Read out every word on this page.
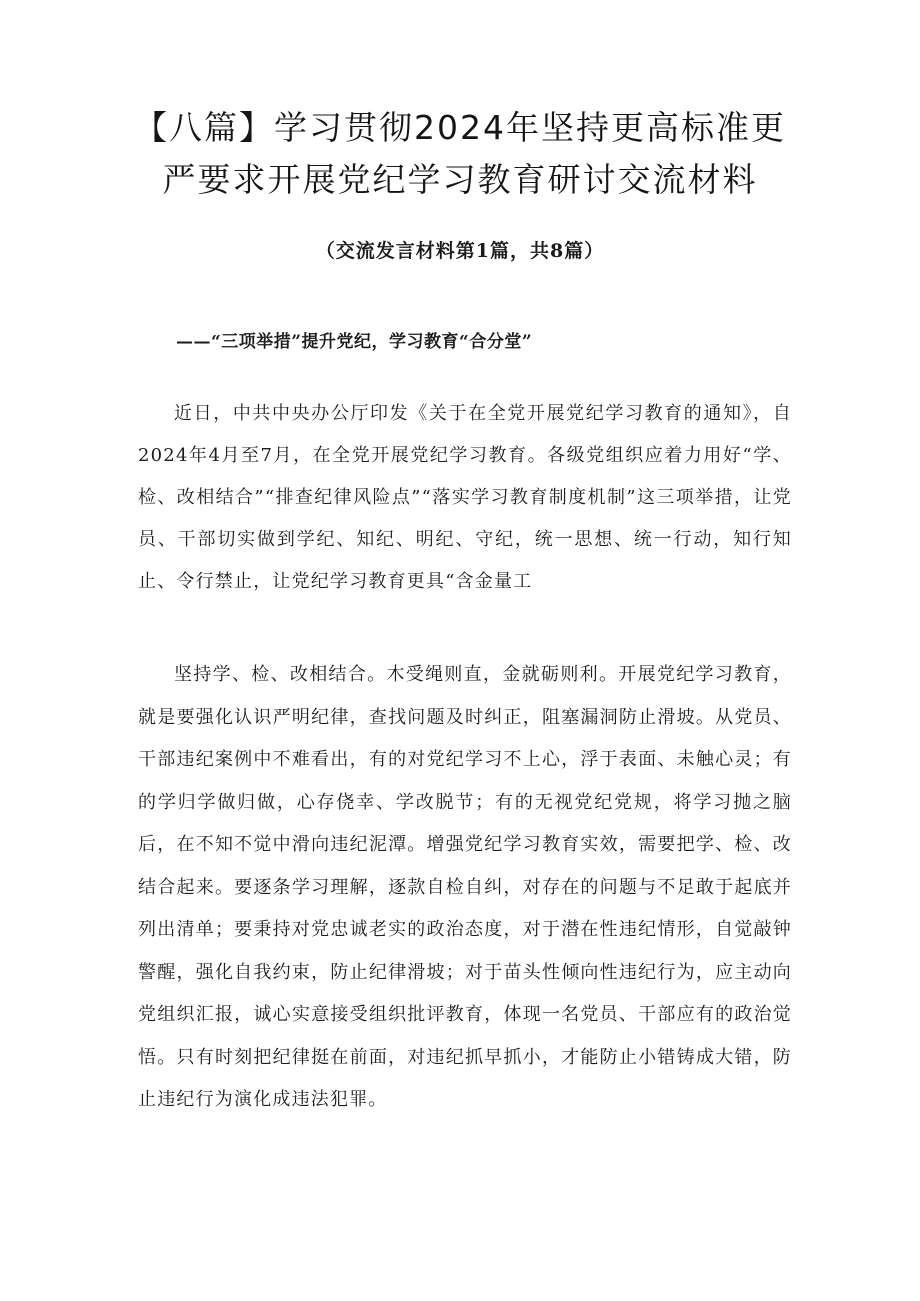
【八篇】学习贯彻2024年坚持更高标准更
严要求开展党纪学习教育研讨交流材料

（交流发言材料第1篇，共8篇）

——“三项举措”提升党纪，学习教育“合分堂”

近日，中共中央办公厅印发《关于在全党开展党纪学习教育的通知》，自2024年4月至7月，在全党开展党纪学习教育。各级党组织应着力用好“学、检、改相结合”“排查纪律风险点”“落实学习教育制度机制”这三项举措，让党员、干部切实做到学纪、知纪、明纪、守纪，统一思想、统一行动，知行知止、令行禁止，让党纪学习教育更具“含金量工

坚持学、检、改相结合。木受绳则直，金就砺则利。开展党纪学习教育，就是要强化认识严明纪律，查找问题及时纠正，阻塞漏洞防止滑坡。从党员、干部违纪案例中不难看出，有的对党纪学习不上心，浮于表面、未触心灵；有的学归学做归做，心存侥幸、学改脱节；有的无视党纪党规，将学习抛之脑后，在不知不觉中滑向违纪泥潭。增强党纪学习教育实效，需要把学、检、改结合起来。要逐条学习理解，逐款自检自纠，对存在的问题与不足敢于起底并列出清单；要秉持对党忠诚老实的政治态度，对于潜在性违纪情形，自觉敲钟警醒，强化自我约束，防止纪律滑坡；对于苗头性倾向性违纪行为，应主动向党组织汇报，诚心实意接受组织批评教育，体现一名党员、干部应有的政治觉悟。只有时刻把纪律挺在前面，对违纪抓早抓小，才能防止小错铸成大错，防止违纪行为演化成违法犯罪。
